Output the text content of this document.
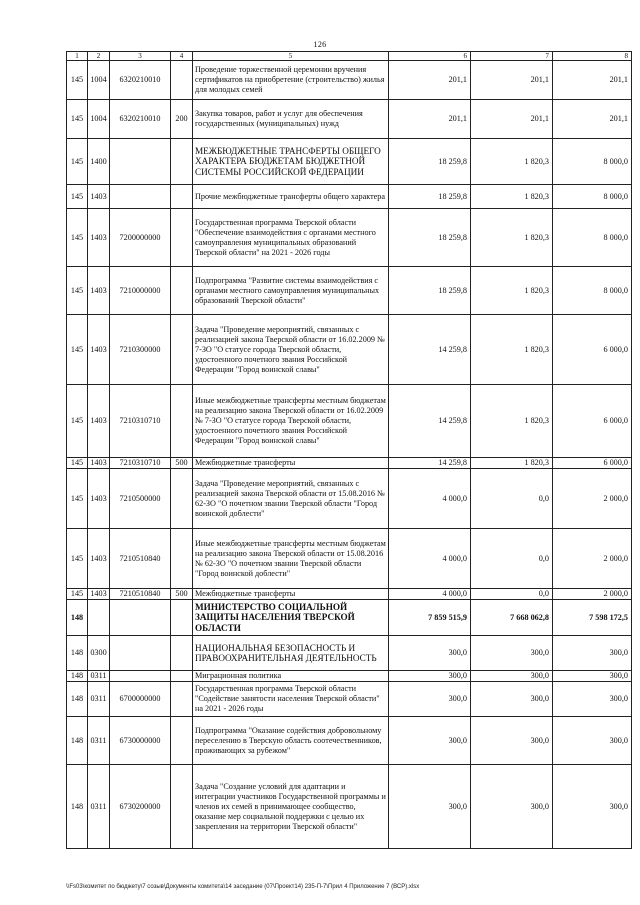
126
1	2	3	4	5	6	7	8
145	1004	6320210010		Проведение торжественной церемонии вручения сертификатов на приобретение (строительство) жилья для молодых семей	201,1	201,1	201,1
145	1004	6320210010	200	Закупка товаров, работ и услуг для обеспечения государственных (муниципальных) нужд	201,1	201,1	201,1
145	1400			МЕЖБЮДЖЕТНЫЕ ТРАНСФЕРТЫ ОБЩЕГО ХАРАКТЕРА БЮДЖЕТАМ БЮДЖЕТНОЙ СИСТЕМЫ РОССИЙСКОЙ ФЕДЕРАЦИИ	18 259,8	1 820,3	8 000,0
145	1403			Прочие межбюджетные трансферты общего характера	18 259,8	1 820,3	8 000,0
145	1403	7200000000		Государственная программа Тверской области "Обеспечение взаимодействия с органами местного самоуправления муниципальных образований Тверской области" на 2021 - 2026 годы	18 259,8	1 820,3	8 000,0
145	1403	7210000000		Подпрограмма "Развитие системы взаимодействия с органами местного самоуправления муниципальных образований Тверской области"	18 259,8	1 820,3	8 000,0
145	1403	7210300000		Задача "Проведение мероприятий, связанных с реализацией закона Тверской области от 16.02.2009 № 7-ЗО "О статусе города Тверской области, удостоенного почетного звания Российской Федерации "Город воинской славы"	14 259,8	1 820,3	6 000,0
145	1403	7210310710		Иные межбюджетные трансферты местным бюджетам на реализацию закона Тверской области от 16.02.2009 № 7-ЗО "О статусе города Тверской области, удостоенного почетного звания Российской Федерации "Город воинской славы"	14 259,8	1 820,3	6 000,0
145	1403	7210310710	500	Межбюджетные трансферты	14 259,8	1 820,3	6 000,0
145	1403	7210500000		Задача "Проведение мероприятий, связанных с реализацией закона Тверской области от 15.08.2016 № 62-ЗО "О почетном звании Тверской области "Город воинской доблести"	4 000,0	0,0	2 000,0
145	1403	7210510840		Иные межбюджетные трансферты местным бюджетам на реализацию закона Тверской области от 15.08.2016 № 62-ЗО "О почетном звании Тверской области "Город воинской доблести"	4 000,0	0,0	2 000,0
145	1403	7210510840	500	Межбюджетные трансферты	4 000,0	0,0	2 000,0
148				МИНИСТЕРСТВО СОЦИАЛЬНОЙ ЗАЩИТЫ НАСЕЛЕНИЯ ТВЕРСКОЙ ОБЛАСТИ	7 859 515,9	7 668 062,8	7 598 172,5
148	0300			НАЦИОНАЛЬНАЯ БЕЗОПАСНОСТЬ И ПРАВООХРАНИТЕЛЬНАЯ ДЕЯТЕЛЬНОСТЬ	300,0	300,0	300,0
148	0311			Миграционная политика	300,0	300,0	300,0
148	0311	6700000000		Государственная программа Тверской области "Содействие занятости населения Тверской области" на 2021 - 2026 годы	300,0	300,0	300,0
148	0311	6730000000		Подпрограмма "Оказание содействия добровольному переселению в Тверскую область соотечественников, проживающих за рубежом"	300,0	300,0	300,0
148	0311	6730200000		Задача "Создание условий для адаптации и интеграции участников Государственной программы и членов их семей в принимающее сообщество, оказание мер социальной поддержки с целью их закрепления на территории Тверской области"	300,0	300,0	300,0
\\Fs03\комитет по бюджету\7 созыв\Документы комитета\14 заседание (07\Проект14) 235-П-7\Прил 4 Приложение 7 (ВСР).xlsx
